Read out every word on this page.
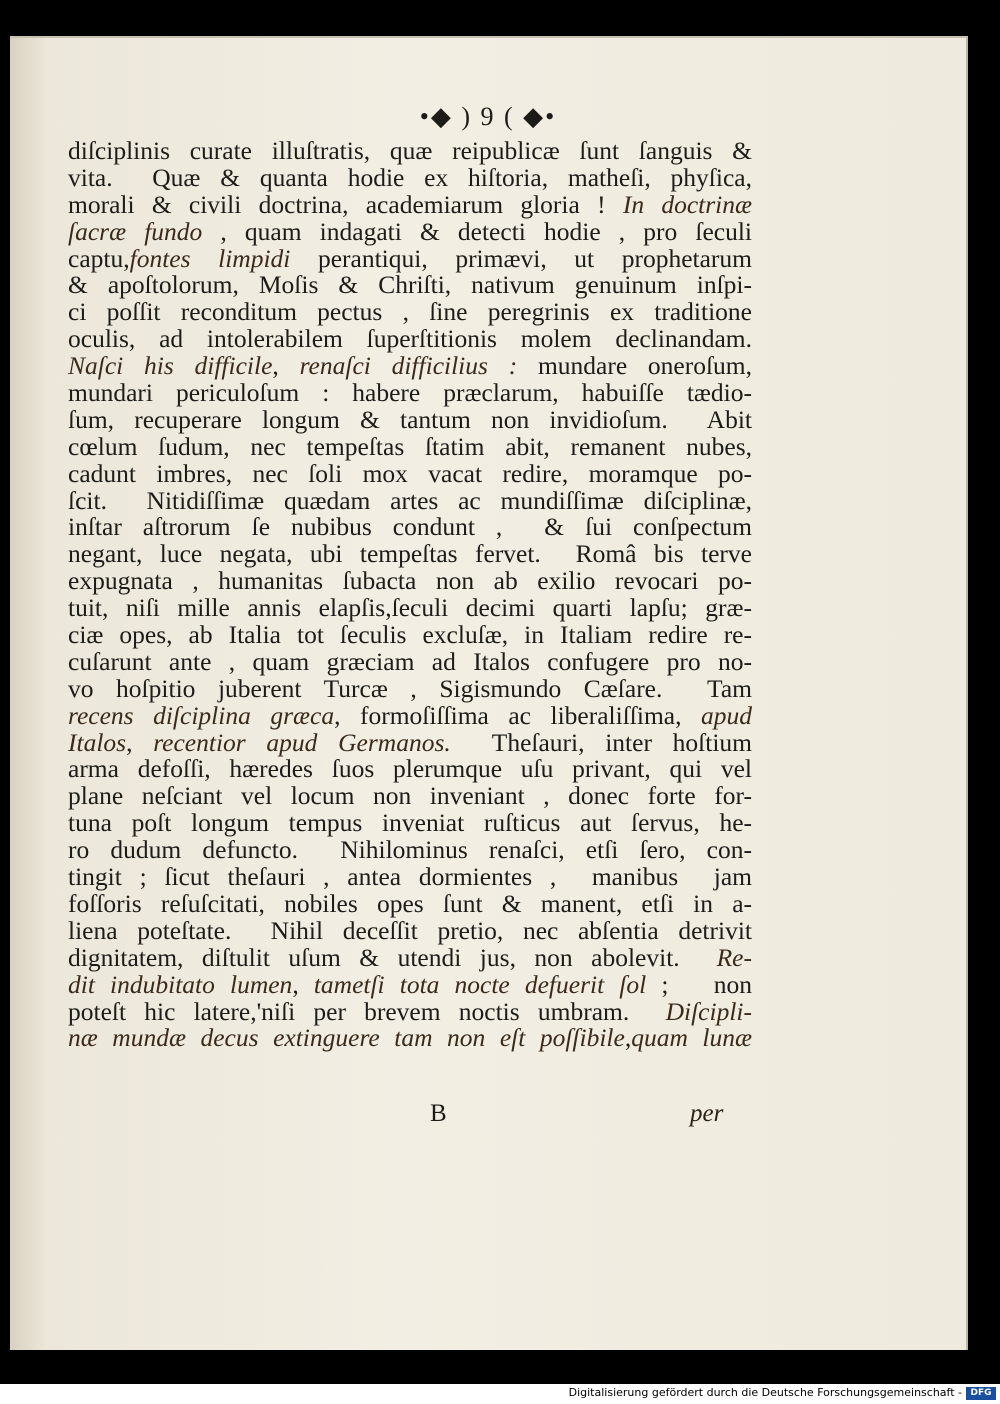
•◆ ) 9 ( ◆•
diſciplinis curate illuſtratis, quæ reipublicæ ſunt ſanguis &
vita.  Quæ & quanta hodie ex hiſtoria, matheſi, phyſica,
morali & civili doctrina, academiarum gloria ! In doctrinæ
ſacræ fundo , quam indagati & detecti hodie , pro ſeculi
captu,fontes limpidi perantiqui, primævi, ut prophetarum
& apoſtolorum, Moſis & Chriſti, nativum genuinum inſpi-
ci poſſit reconditum pectus , ſine peregrinis ex traditione
oculis, ad intolerabilem ſuperſtitionis molem declinandam.
Naſci his difficile, renaſci difficilius : mundare oneroſum,
mundari periculoſum : habere præclarum, habuiſſe tædio-
ſum, recuperare longum & tantum non invidioſum.  Abit
cœlum ſudum, nec tempeſtas ſtatim abit, remanent nubes,
cadunt imbres, nec ſoli mox vacat redire, moramque po-
ſcit.  Nitidiſſimæ quædam artes ac mundiſſimæ diſciplinæ,
inſtar aſtrorum ſe nubibus condunt ,  & ſui conſpectum
negant, luce negata, ubi tempeſtas fervet.  Româ bis terve
expugnata , humanitas ſubacta non ab exilio revocari po-
tuit, niſi mille annis elapſis,ſeculi decimi quarti lapſu; græ-
ciæ opes, ab Italia tot ſeculis excluſæ, in Italiam redire re-
cuſarunt ante , quam græciam ad Italos confugere pro no-
vo hoſpitio juberent Turcæ , Sigismundo Cæſare.  Tam
recens diſciplina græca, formoſiſſima ac liberaliſſima, apud
Italos, recentior apud Germanos.  Theſauri, inter hoſtium
arma defoſſi, hæredes ſuos plerumque uſu privant, qui vel
plane neſciant vel locum non inveniant , donec forte for-
tuna poſt longum tempus inveniat ruſticus aut ſervus, he-
ro dudum defuncto.  Nihilominus renaſci, etſi ſero, con-
tingit ; ſicut theſauri , antea dormientes ,  manibus  jam
foſſoris reſuſcitati, nobiles opes ſunt & manent, etſi in a-
liena poteſtate.  Nihil deceſſit pretio, nec abſentia detrivit
dignitatem, diſtulit uſum & utendi jus, non abolevit.  Re-
dit indubitato lumen, tametſi tota nocte defuerit ſol ;   non
poteſt hic latere,'niſi per brevem noctis umbram.  Diſcipli-
næ mundæ decus extinguere tam non eſt poſſibile,quam lunæ
B	per
Digitalisierung gefördert durch die Deutsche Forschungsgemeinschaft - DFG
